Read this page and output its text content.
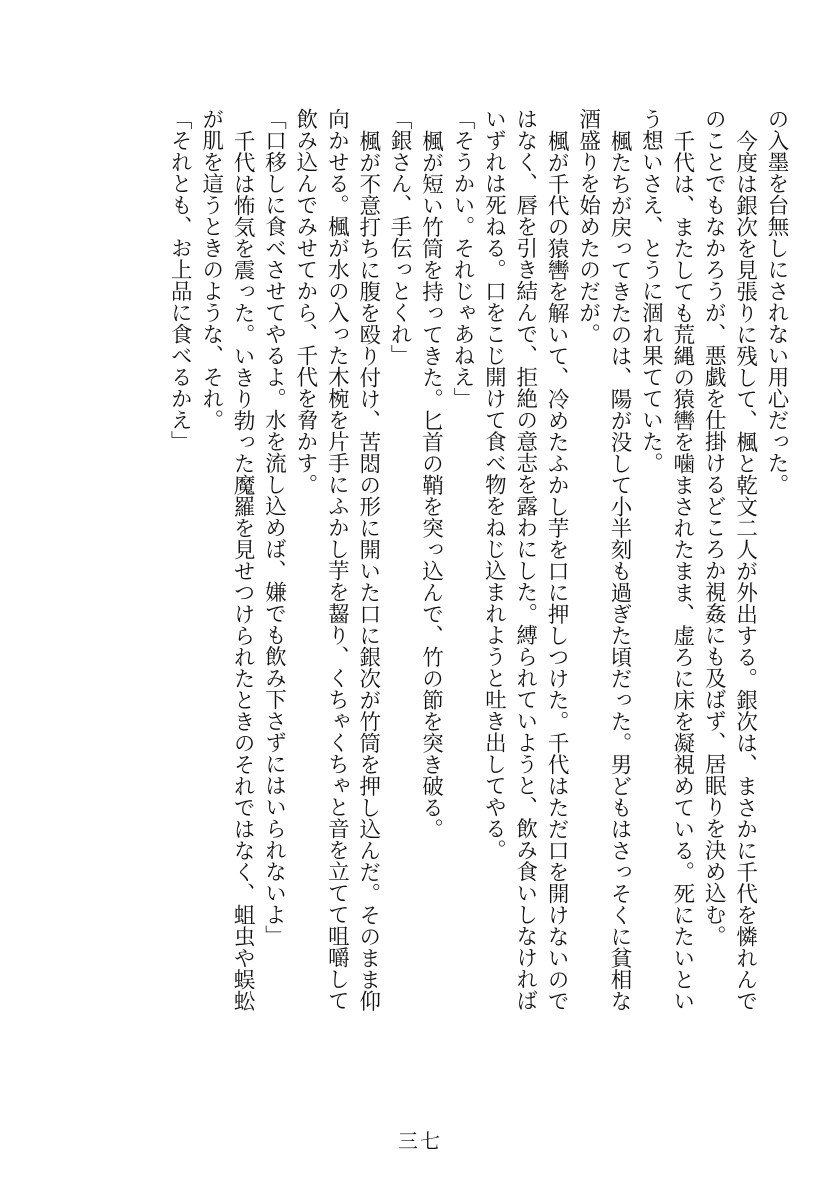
の入墨を台無しにされない用心だった。
今度は銀次を見張りに残して、楓と乾文二人が外出する。銀次は、まさかに千代を憐れんで
のことでもなかろうが、悪戯を仕掛けるどころか視姦にも及ばず、居眠りを決め込む。
千代は、またしても荒縄の猿轡を噛まされたまま、虚ろに床を凝視めている。死にたいとい
う想いさえ、とうに涸れ果てていた。
楓たちが戻ってきたのは、陽が没して小半刻も過ぎた頃だった。男どもはさっそくに貧相な
酒盛りを始めたのだが。
楓が千代の猿轡を解いて、冷めたふかし芋を口に押しつけた。千代はただ口を開けないので
はなく、唇を引き結んで、拒絶の意志を露わにした。縛られていようと、飲み食いしなければ
いずれは死ねる。口をこじ開けて食べ物をねじ込まれようと吐き出してやる。
「そうかい。それじゃあねえ」
楓が短い竹筒を持ってきた。匕首の鞘を突っ込んで、竹の節を突き破る。
「銀さん、手伝っとくれ」
楓が不意打ちに腹を殴り付け、苦悶の形に開いた口に銀次が竹筒を押し込んだ。そのまま仰
向かせる。楓が水の入った木椀を片手にふかし芋を齧り、くちゃくちゃと音を立てて咀嚼して
飲み込んでみせてから、千代を脅かす。
「口移しに食べさせてやるよ。水を流し込めば、嫌でも飲み下さずにはいられないよ」
千代は怖気を震った。いきり勃った魔羅を見せつけられたときのそれではなく、蛆虫や蜈蚣
が肌を這うときのような、それ。
「それとも、お上品に食べるかえ」
三七
